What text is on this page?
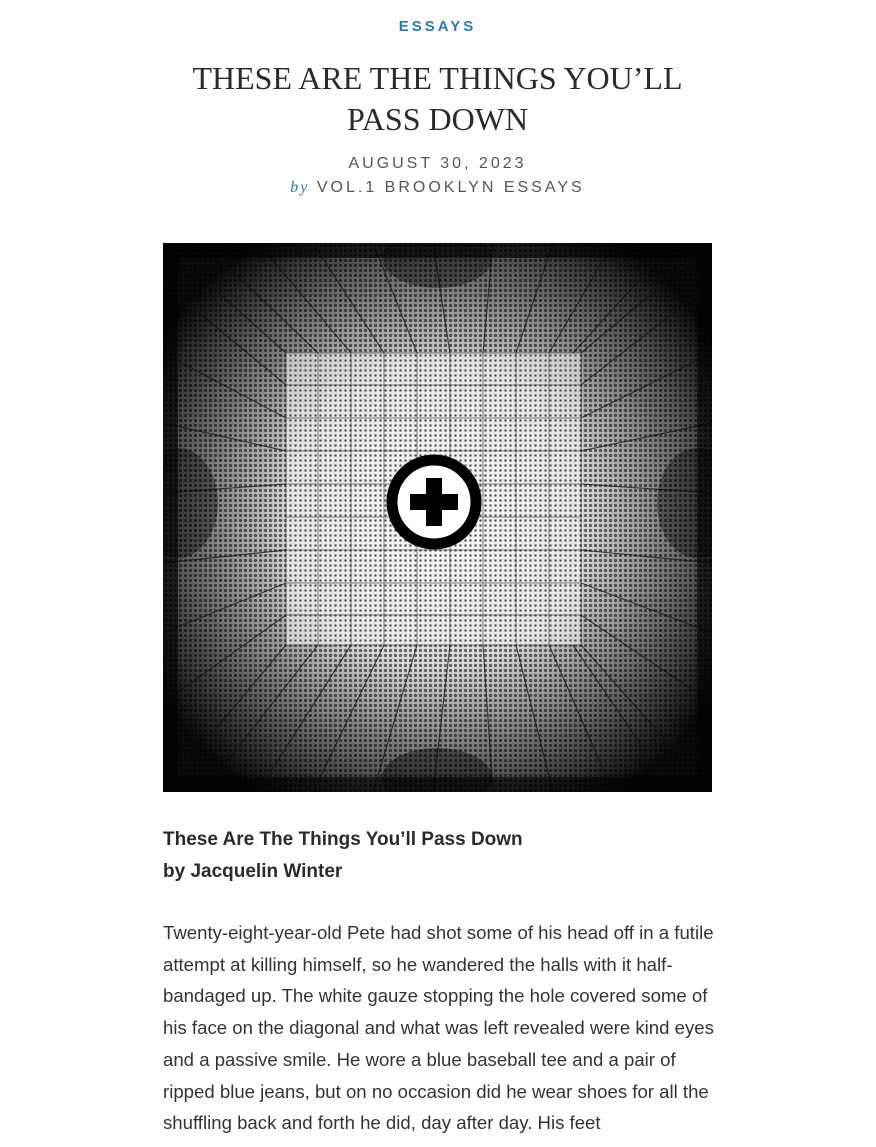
ESSAYS
THESE ARE THE THINGS YOU’LL PASS DOWN
AUGUST 30, 2023
by VOL.1 BROOKLYN ESSAYS
These Are The Things You’ll Pass Down
by Jacquelin Winter

Twenty-eight-year-old Pete had shot some of his head off in a futile attempt at killing himself, so he wandered the halls with it half-bandaged up. The white gauze stopping the hole covered some of his face on the diagonal and what was left revealed were kind eyes and a passive smile. He wore a blue baseball tee and a pair of ripped blue jeans, but on no occasion did he wear shoes for all the shuffling back and forth he did, day after day. His feet
